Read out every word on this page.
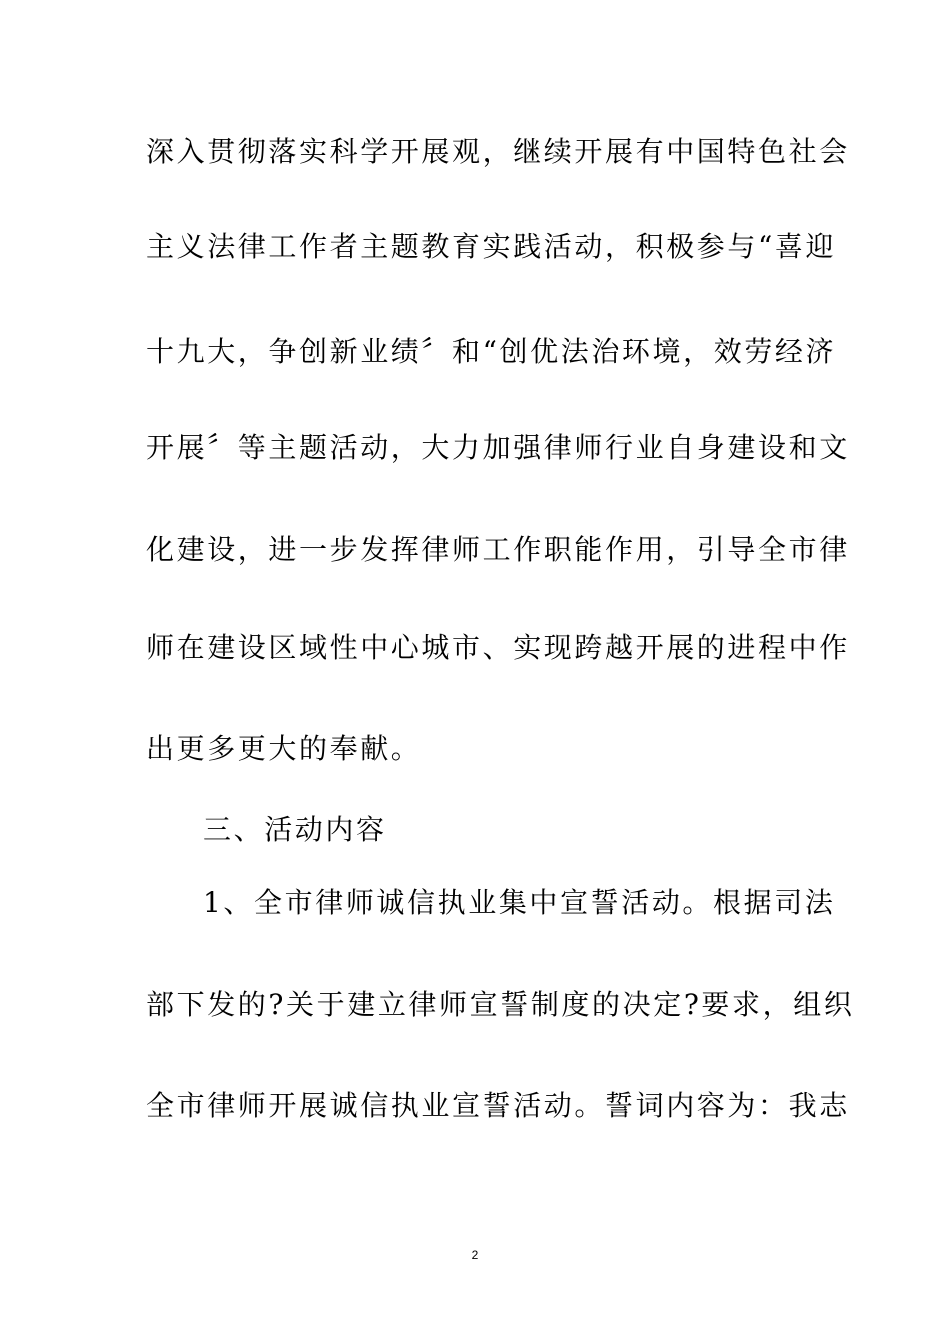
深入贯彻落实科学开展观，继续开展有中国特色社会
主义法律工作者主题教育实践活动，积极参与“喜迎
十九大，争创新业绩〞和“创优法治环境，效劳经济
开展〞等主题活动，大力加强律师行业自身建设和文
化建设，进一步发挥律师工作职能作用，引导全市律
师在建设区域性中心城市、实现跨越开展的进程中作
出更多更大的奉献。
三、活动内容
1、全市律师诚信执业集中宣誓活动。根据司法
部下发的?关于建立律师宣誓制度的决定?要求，组织
全市律师开展诚信执业宣誓活动。誓词内容为：我志
2
